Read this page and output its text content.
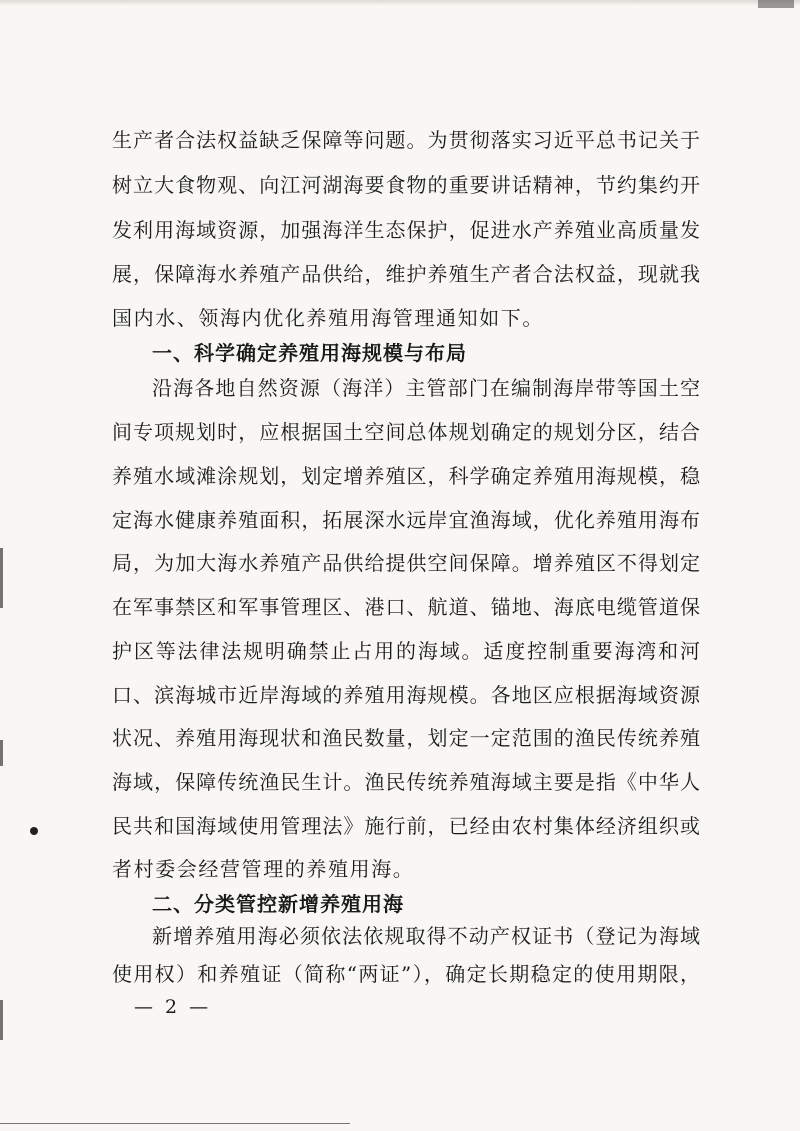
生产者合法权益缺乏保障等问题。为贯彻落实习近平总书记关于
树立大食物观、向江河湖海要食物的重要讲话精神，节约集约开
发利用海域资源，加强海洋生态保护，促进水产养殖业高质量发
展，保障海水养殖产品供给，维护养殖生产者合法权益，现就我
国内水、领海内优化养殖用海管理通知如下。
一、科学确定养殖用海规模与布局
沿海各地自然资源（海洋）主管部门在编制海岸带等国土空
间专项规划时，应根据国土空间总体规划确定的规划分区，结合
养殖水域滩涂规划，划定增养殖区，科学确定养殖用海规模，稳
定海水健康养殖面积，拓展深水远岸宜渔海域，优化养殖用海布
局，为加大海水养殖产品供给提供空间保障。增养殖区不得划定
在军事禁区和军事管理区、港口、航道、锚地、海底电缆管道保
护区等法律法规明确禁止占用的海域。适度控制重要海湾和河
口、滨海城市近岸海域的养殖用海规模。各地区应根据海域资源
状况、养殖用海现状和渔民数量，划定一定范围的渔民传统养殖
海域，保障传统渔民生计。渔民传统养殖海域主要是指《中华人
民共和国海域使用管理法》施行前，已经由农村集体经济组织或
者村委会经营管理的养殖用海。
二、分类管控新增养殖用海
新增养殖用海必须依法依规取得不动产权证书（登记为海域
使用权）和养殖证（简称“两证”），确定长期稳定的使用期限，
— 2 —
